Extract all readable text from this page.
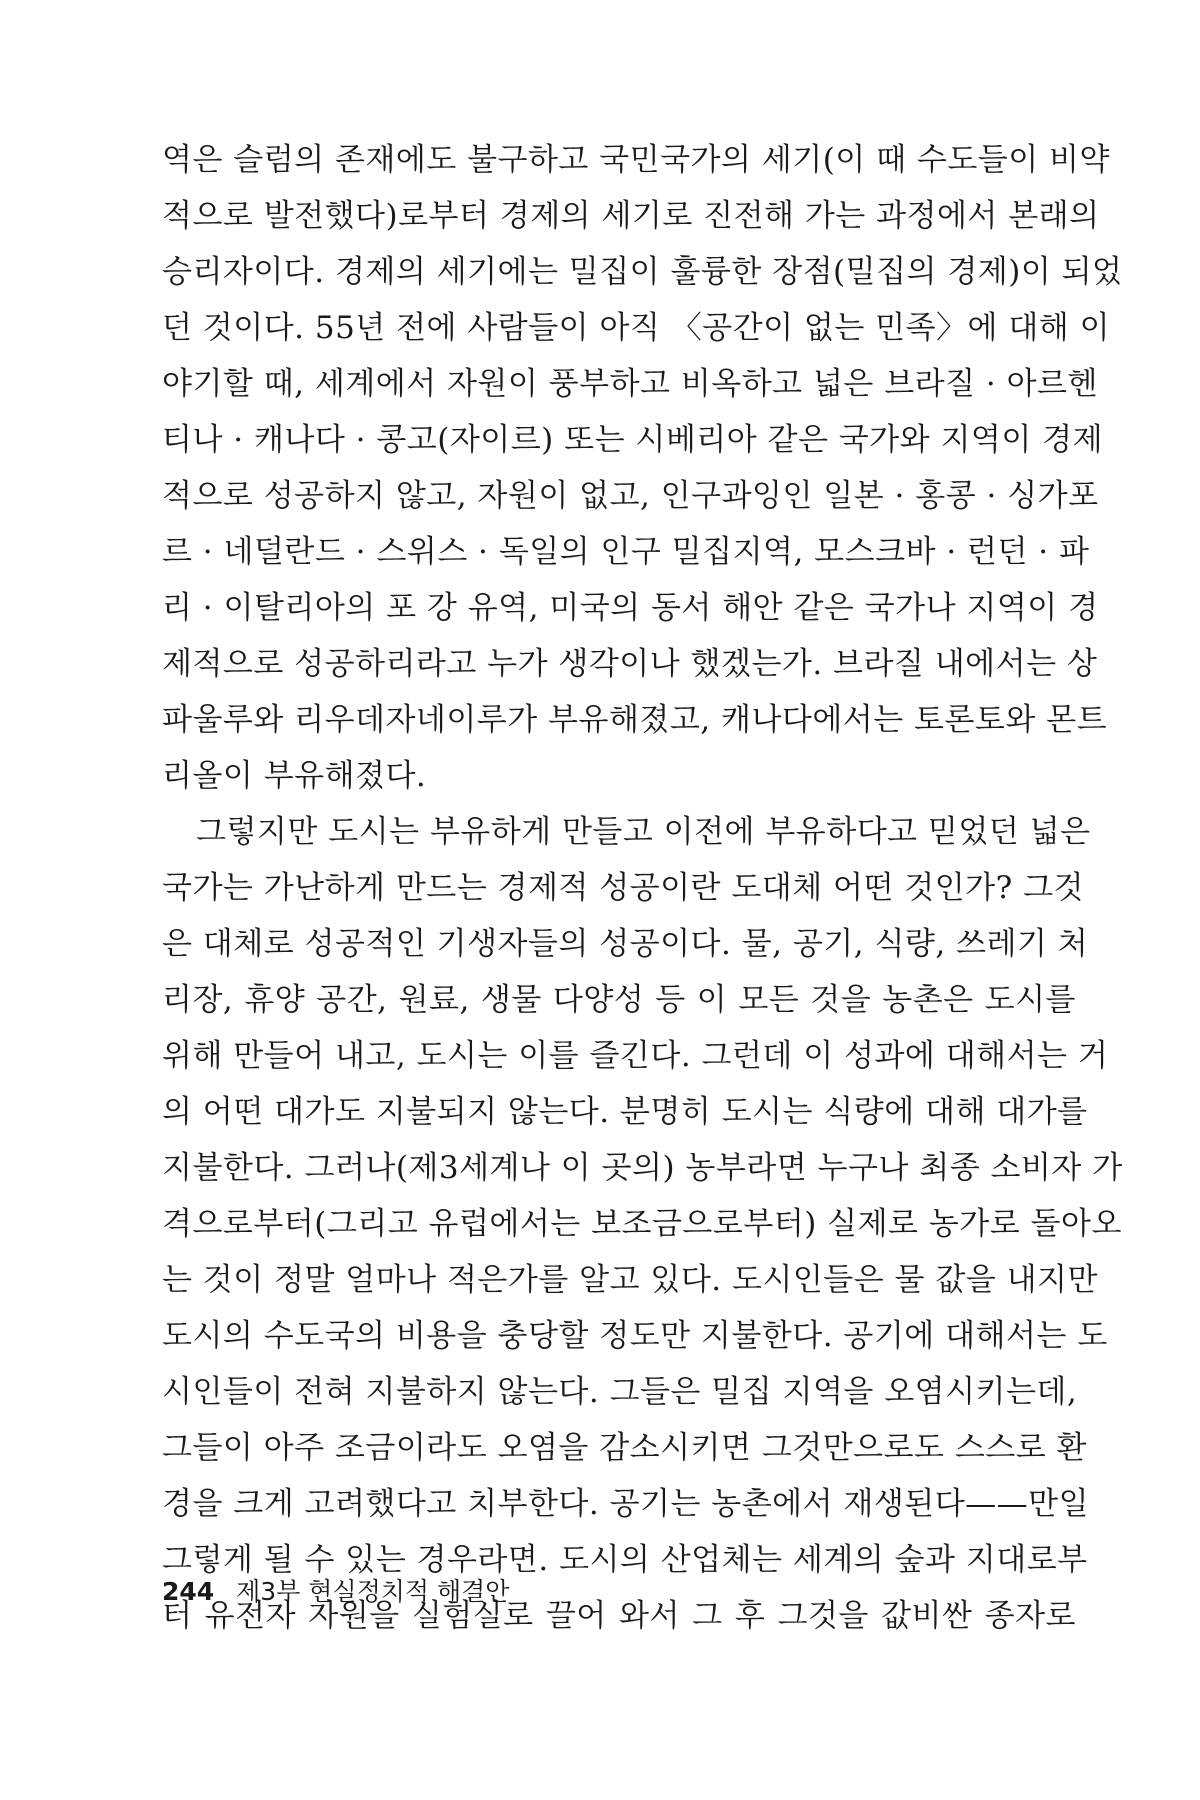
역은 슬럼의 존재에도 불구하고 국민국가의 세기(이 때 수도들이 비약
적으로 발전했다)로부터 경제의 세기로 진전해 가는 과정에서 본래의
승리자이다. 경제의 세기에는 밀집이 훌륭한 장점(밀집의 경제)이 되었
던 것이다. 55년 전에 사람들이 아직 〈공간이 없는 민족〉에 대해 이
야기할 때, 세계에서 자원이 풍부하고 비옥하고 넓은 브라질 · 아르헨
티나 · 캐나다 · 콩고(자이르) 또는 시베리아 같은 국가와 지역이 경제
적으로 성공하지 않고, 자원이 없고, 인구과잉인 일본 · 홍콩 · 싱가포
르 · 네덜란드 · 스위스 · 독일의 인구 밀집지역, 모스크바 · 런던 · 파
리 · 이탈리아의 포 강 유역, 미국의 동서 해안 같은 국가나 지역이 경
제적으로 성공하리라고 누가 생각이나 했겠는가. 브라질 내에서는 상
파울루와 리우데자네이루가 부유해졌고, 캐나다에서는 토론토와 몬트
리올이 부유해졌다.
그렇지만 도시는 부유하게 만들고 이전에 부유하다고 믿었던 넓은
국가는 가난하게 만드는 경제적 성공이란 도대체 어떤 것인가? 그것
은 대체로 성공적인 기생자들의 성공이다. 물, 공기, 식량, 쓰레기 처
리장, 휴양 공간, 원료, 생물 다양성 등 이 모든 것을 농촌은 도시를
위해 만들어 내고, 도시는 이를 즐긴다. 그런데 이 성과에 대해서는 거
의 어떤 대가도 지불되지 않는다. 분명히 도시는 식량에 대해 대가를
지불한다. 그러나(제3세계나 이 곳의) 농부라면 누구나 최종 소비자 가
격으로부터(그리고 유럽에서는 보조금으로부터) 실제로 농가로 돌아오
는 것이 정말 얼마나 적은가를 알고 있다. 도시인들은 물 값을 내지만
도시의 수도국의 비용을 충당할 정도만 지불한다. 공기에 대해서는 도
시인들이 전혀 지불하지 않는다. 그들은 밀집 지역을 오염시키는데,
그들이 아주 조금이라도 오염을 감소시키면 그것만으로도 스스로 환
경을 크게 고려했다고 치부한다. 공기는 농촌에서 재생된다——만일
그렇게 될 수 있는 경우라면. 도시의 산업체는 세계의 숲과 지대로부
터 유전자 자원을 실험실로 끌어 와서 그 후 그것을 값비싼 종자로
244 제3부 현실정치적 해결안
